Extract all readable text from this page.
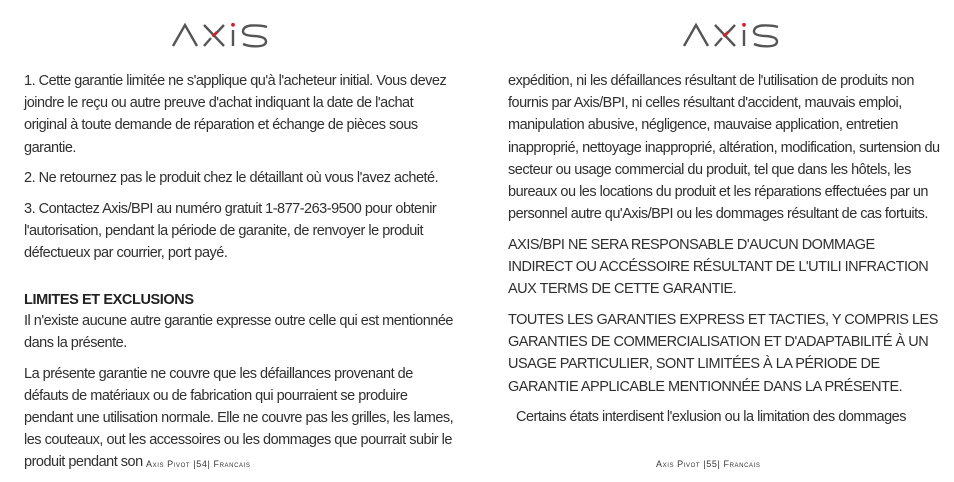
1. Cette garantie limitée ne s'applique qu'à l'acheteur initial. Vous devez joindre le reçu ou autre preuve d'achat indiquant la date de l'achat original à toute demande de réparation et échange de pièces sous garantie.

2. Ne retournez pas le produit chez le détaillant où vous l'avez acheté.

3. Contactez Axis/BPI au numéro gratuit 1-877-263-9500 pour obtenir l'autorisation, pendant la période de garanite, de renvoyer le produit défectueux par courrier, port payé.

LIMITES ET EXCLUSIONS

Il n'existe aucune autre garantie expresse outre celle qui est mentionnée dans la présente.

La présente garantie ne couvre que les défaillances provenant de défauts de matériaux ou de fabrication qui pourraient se produire pendant une utilisation normale. Elle ne couvre pas les grilles, les lames, les couteaux, out les accessoires ou les dommages que pourrait subir le produit pendant son Axis Pivot |54| Francais

expédition, ni les défaillances résultant de l'utilisation de produits non fournis par Axis/BPI, ni celles résultant d'accident, mauvais emploi, manipulation abusive, négligence, mauvaise application, entretien inapproprié, nettoyage inapproprié, altération, modification, surtension du secteur ou usage commercial du produit, tel que dans les hôtels, les bureaux ou les locations du produit et les réparations effectuées par un personnel autre qu'Axis/BPI ou les dommages résultant de cas fortuits.

AXIS/BPI NE SERA RESPONSABLE D'AUCUN DOMMAGE INDIRECT OU ACCÉSSOIRE RÉSULTANT DE L'UTILI INFRACTION AUX TERMS DE CETTE GARANTIE.

TOUTES LES GARANTIES EXPRESS ET TACTIES, Y COMPRIS LES GARANTIES DE COMMERCIALISATION ET D'ADAPTABILITÉ À UN USAGE PARTICULIER, SONT LIMITÉES À LA PÉRIODE DE GARANTIE APPLICABLE MENTIONNÉE DANS LA PRÉSENTE.

Certains états interdisent l'exlusion ou la limitation des dommages

Axis Pivot |55| Francais
